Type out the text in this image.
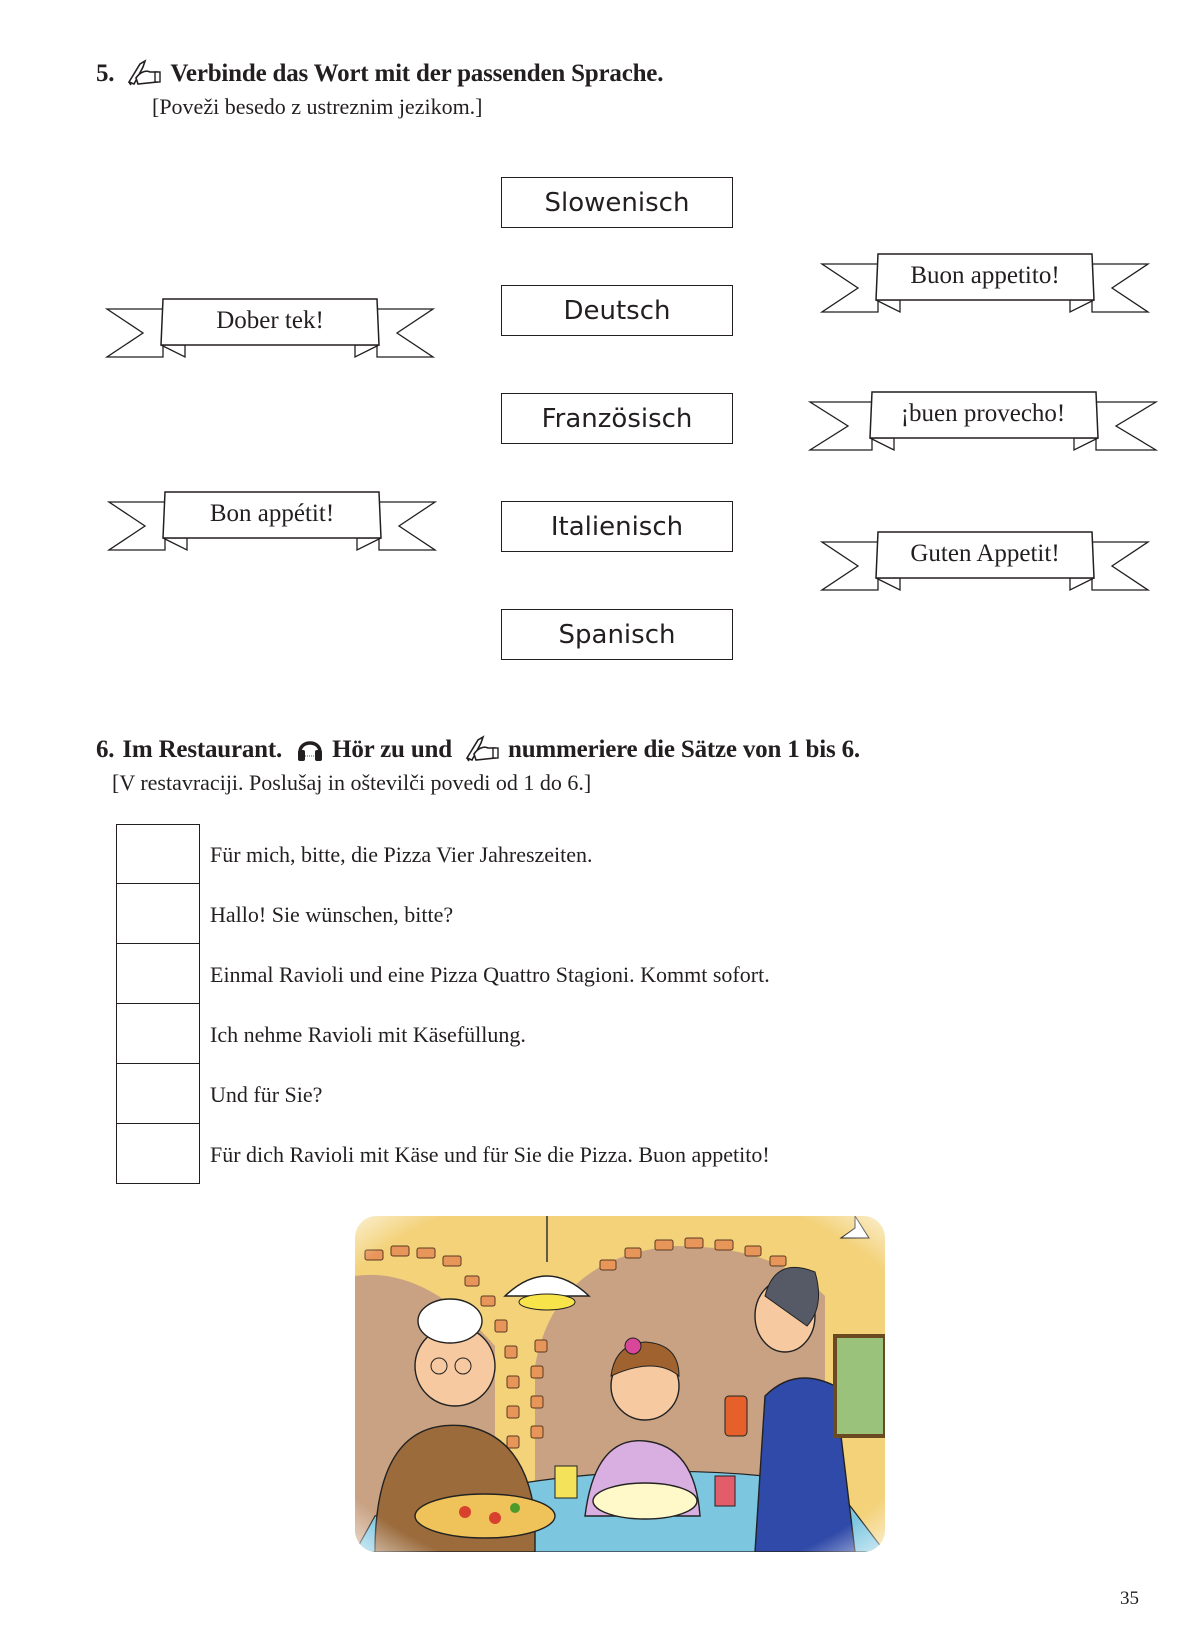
5. Verbinde das Wort mit der passenden Sprache.
[Poveži besedo z ustreznim jezikom.]
Slowenisch
Deutsch
Französisch
Italienisch
Spanisch
Dober tek!
Bon appétit!
Buon appetito!
¡buen provecho!
Guten Appetit!
6. Im Restaurant. Hör zu und nummeriere die Sätze von 1 bis 6.
[V restavraciji. Poslušaj in oštevilči povedi od 1 do 6.]
Für mich, bitte, die Pizza Vier Jahreszeiten.
Hallo! Sie wünschen, bitte?
Einmal Ravioli und eine Pizza Quattro Stagioni. Kommt sofort.
Ich nehme Ravioli mit Käsefüllung.
Und für Sie?
Für dich Ravioli mit Käse und für Sie die Pizza. Buon appetito!
35
